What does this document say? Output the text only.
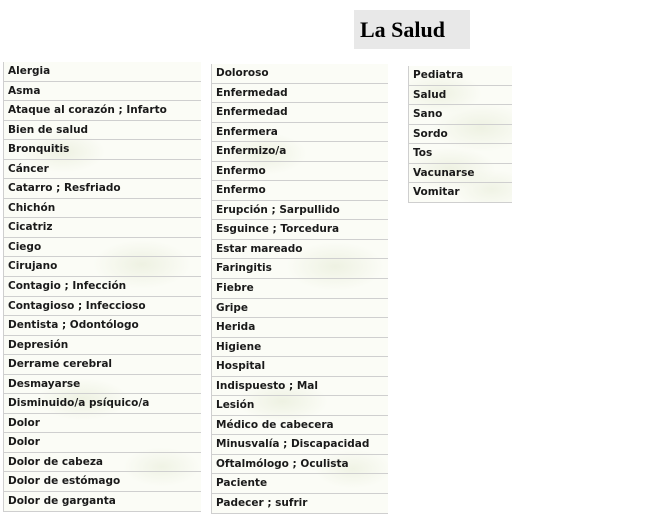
La Salud
Alergia
Asma
Ataque al corazón ; Infarto
Bien de salud
Bronquitis
Cáncer
Catarro ; Resfriado
Chichón
Cicatriz
Ciego
Cirujano
Contagio ; Infección
Contagioso ; Infeccioso
Dentista ; Odontólogo
Depresión
Derrame cerebral
Desmayarse
Disminuido/a psíquico/a
Dolor
Dolor
Dolor de cabeza
Dolor de estómago
Dolor de garganta
Doloroso
Enfermedad
Enfermedad
Enfermera
Enfermizo/a
Enfermo
Enfermo
Erupción ; Sarpullido
Esguince ; Torcedura
Estar mareado
Faringitis
Fiebre
Gripe
Herida
Higiene
Hospital
Indispuesto ; Mal
Lesión
Médico de cabecera
Minusvalía ; Discapacidad
Oftalmólogo ; Oculista
Paciente
Padecer ; sufrir
Pediatra
Salud
Sano
Sordo
Tos
Vacunarse
Vomitar
